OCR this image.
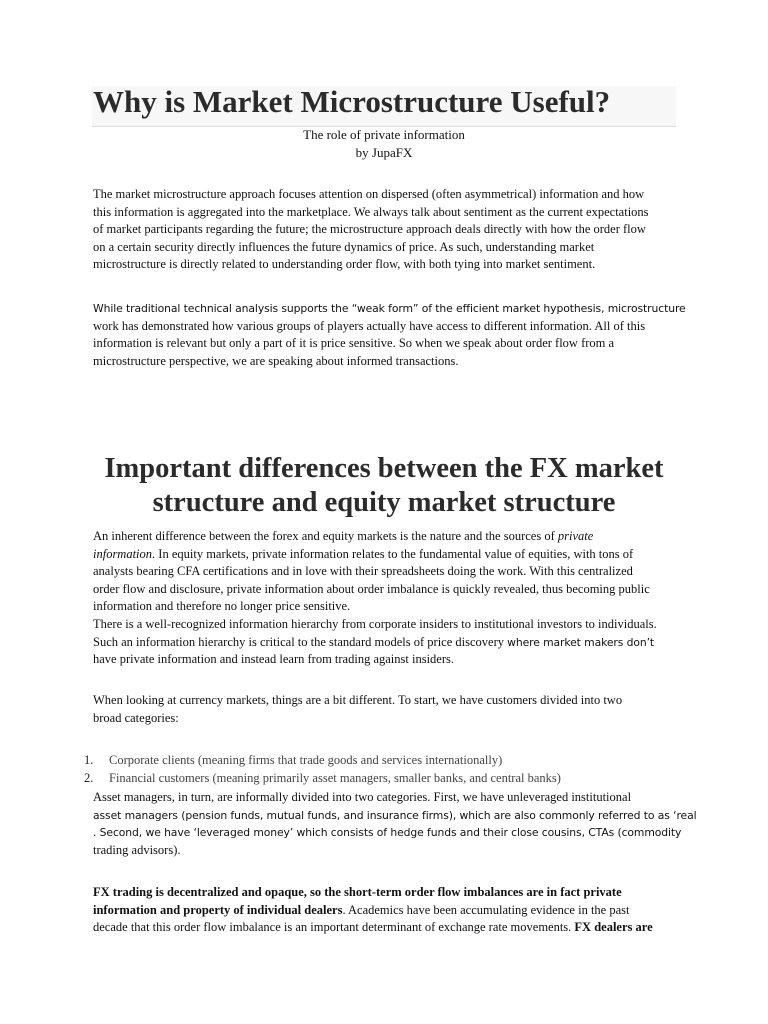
Why is Market Microstructure Useful?

The role of private information

by JupaFX

The market microstructure approach focuses attention on dispersed (often asymmetrical) information and how
this information is aggregated into the marketplace. We always talk about sentiment as the current expectations
of market participants regarding the future; the microstructure approach deals directly with how the order flow
on a certain security directly influences the future dynamics of price. As such, understanding market
microstructure is directly related to understanding order flow, with both tying into market sentiment.

While traditional technical analysis supports the “weak form” of the efficient market hypothesis, microstructure
work has demonstrated how various groups of players actually have access to different information. All of this
information is relevant but only a part of it is price sensitive. So when we speak about order flow from a
microstructure perspective, we are speaking about informed transactions.

Important differences between the FX market
structure and equity market structure

An inherent difference between the forex and equity markets is the nature and the sources of private
information. In equity markets, private information relates to the fundamental value of equities, with tons of
analysts bearing CFA certifications and in love with their spreadsheets doing the work. With this centralized
order flow and disclosure, private information about order imbalance is quickly revealed, thus becoming public
information and therefore no longer price sensitive.
There is a well-recognized information hierarchy from corporate insiders to institutional investors to individuals.
Such an information hierarchy is critical to the standard models of price discovery where market makers don’t
have private information and instead learn from trading against insiders.

When looking at currency markets, things are a bit different. To start, we have customers divided into two
broad categories:

1.	Corporate clients (meaning firms that trade goods and services internationally)
2.	Financial customers (meaning primarily asset managers, smaller banks, and central banks)

Asset managers, in turn, are informally divided into two categories. First, we have unleveraged institutional
asset managers (pension funds, mutual funds, and insurance firms), which are also commonly referred to as ‘real
. Second, we have ‘leveraged money’ which consists of hedge funds and their close cousins, CTAs (commodity
trading advisors).

FX trading is decentralized and opaque, so the short-term order flow imbalances are in fact private
information and property of individual dealers. Academics have been accumulating evidence in the past
decade that this order flow imbalance is an important determinant of exchange rate movements. FX dealers are
